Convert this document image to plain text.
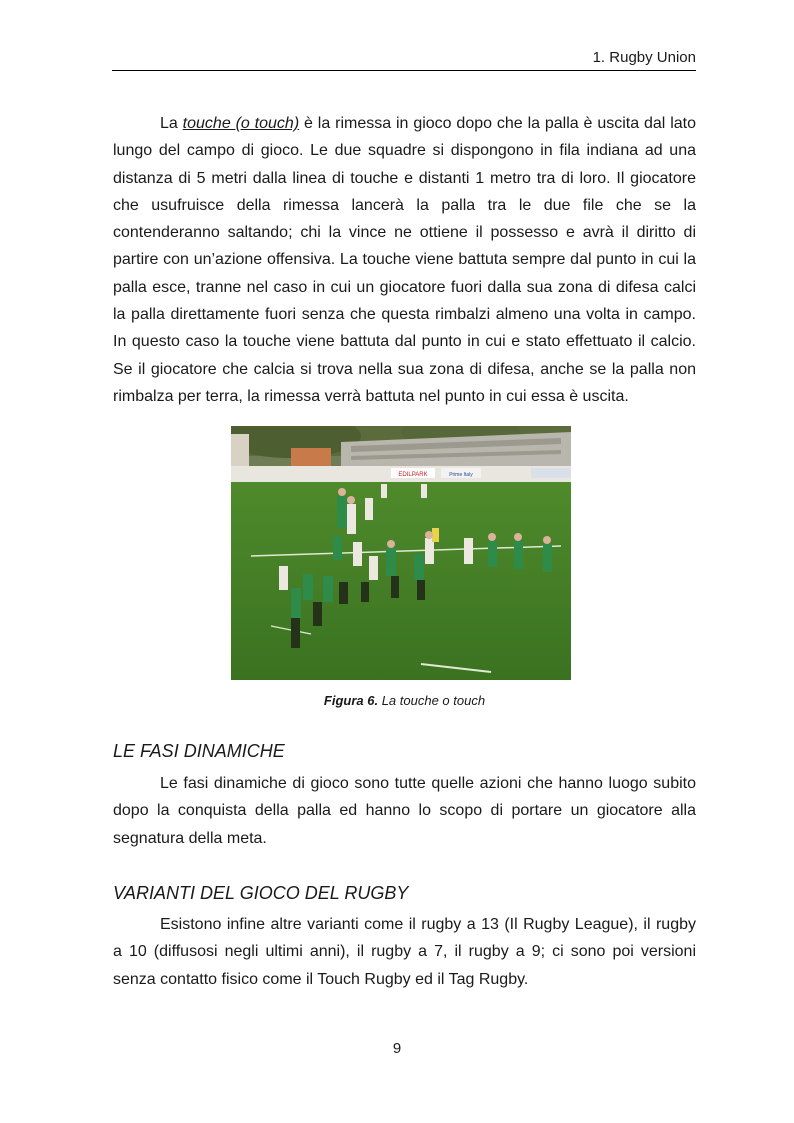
1. Rugby Union

La touche (o touch) è la rimessa in gioco dopo che la palla è uscita dal lato lungo del campo di gioco. Le due squadre si dispongono in fila indiana ad una distanza di 5 metri dalla linea di touche e distanti 1 metro tra di loro. Il giocatore che usufruisce della rimessa lancerà la palla tra le due file che se la contenderanno saltando; chi la vince ne ottiene il possesso e avrà il diritto di partire con un’azione offensiva. La touche viene battuta sempre dal punto in cui la palla esce, tranne nel caso in cui un giocatore fuori dalla sua zona di difesa calci la palla direttamente fuori senza che questa rimbalzi almeno una volta in campo. In questo caso la touche viene battuta dal punto in cui e stato effettuato il calcio. Se il giocatore che calcia si trova nella sua zona di difesa, anche se la palla non rimbalza per terra, la rimessa verrà battuta nel punto in cui essa è uscita.

EDILPARK	Prime Italy
Figura 6. La touche o touch
LE FASI DINAMICHE

Le fasi dinamiche di gioco sono tutte quelle azioni che hanno luogo subito dopo la conquista della palla ed hanno lo scopo di portare un giocatore alla segnatura della meta.

VARIANTI DEL GIOCO DEL RUGBY

Esistono infine altre varianti come il rugby a 13 (Il Rugby League), il rugby a 10 (diffusosi negli ultimi anni), il rugby a 7, il rugby a 9; ci sono poi versioni senza contatto fisico come il Touch Rugby ed il Tag Rugby.

9
